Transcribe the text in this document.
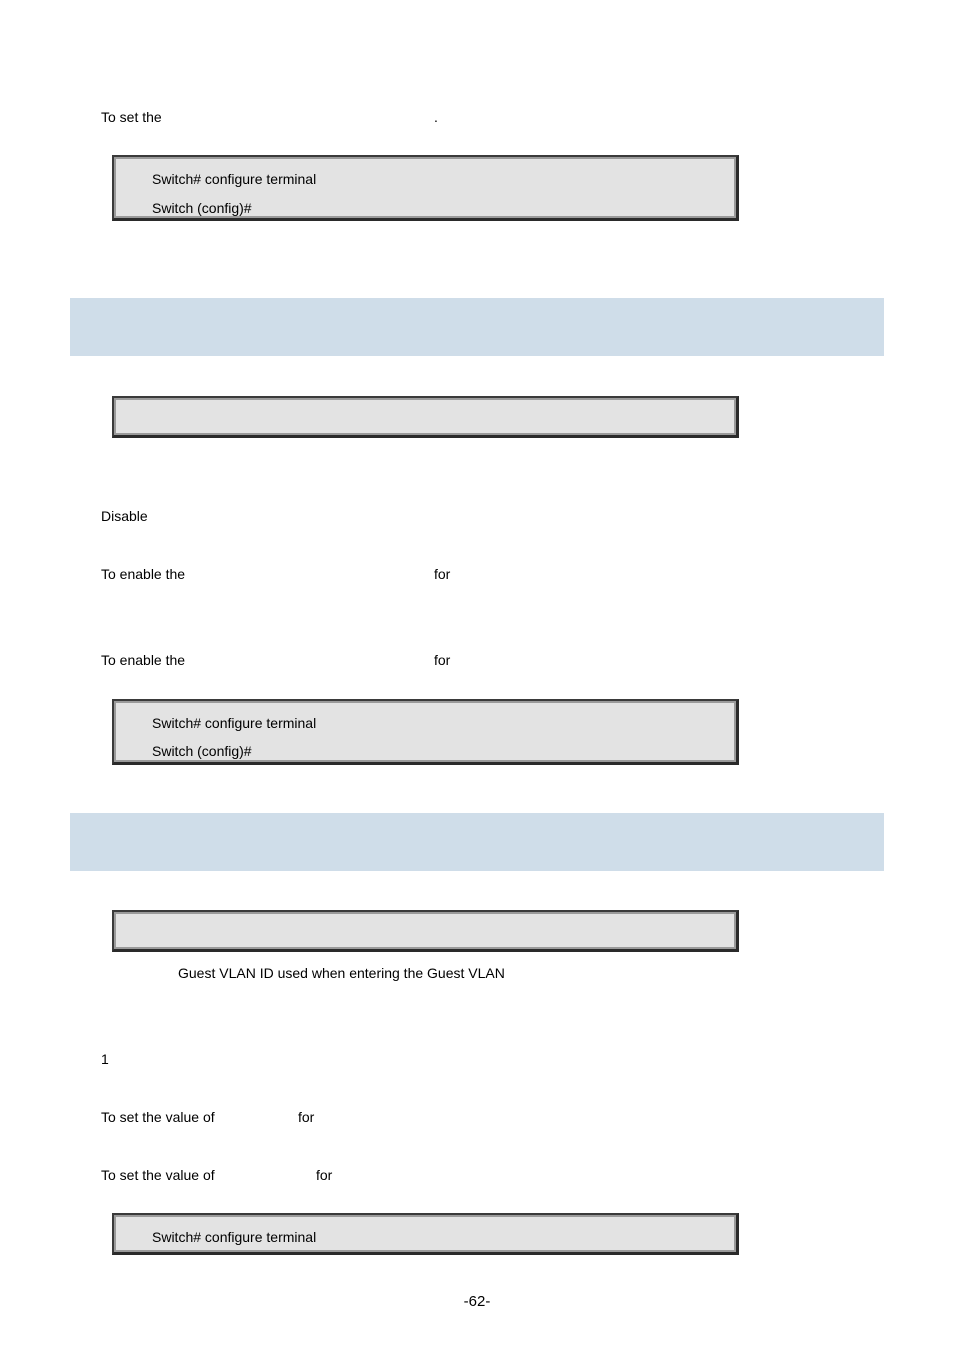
To set the	.
Switch# configure terminal
Switch (config)#
Disable
To enable the	for
To enable the	for
Switch# configure terminal
Switch (config)#
Guest VLAN ID used when entering the Guest VLAN
1
To set the value of	for
To set the value of	for
Switch# configure terminal
-62-
